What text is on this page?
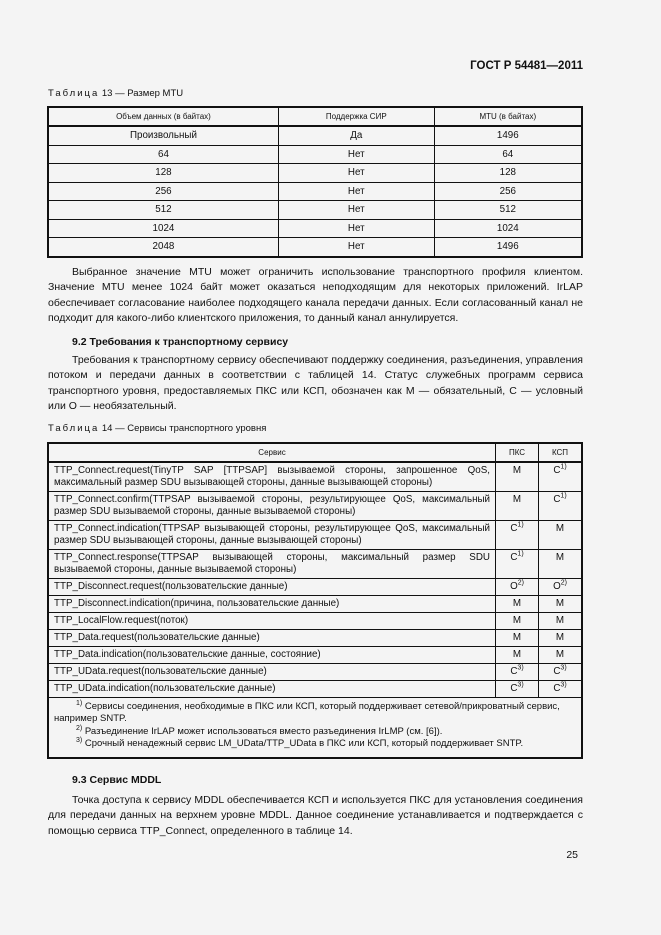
ГОСТ Р 54481—2011
Таблица 13 — Размер MTU
Объем данных (в байтах)	Поддержка СИР	MTU (в байтах)
Произвольный	Да	1496
64	Нет	64
128	Нет	128
256	Нет	256
512	Нет	512
1024	Нет	1024
2048	Нет	1496

Выбранное значение MTU может ограничить использование транспортного профиля клиентом. Значение MTU менее 1024 байт может оказаться неподходящим для некоторых приложений. IrLAP обеспечивает согласование наиболее подходящего канала передачи данных. Если согласованный канал не подходит для какого-либо клиентского приложения, то данный канал аннулируется.

9.2 Требования к транспортному сервису

Требования к транспортному сервису обеспечивают поддержку соединения, разъединения, управления потоком и передачи данных в соответствии с таблицей 14. Статус служебных программ сервиса транспортного уровня, предоставляемых ПКС или КСП, обозначен как М — обязательный, С — условный или О — необязательный.

Таблица 14 — Сервисы транспортного уровня
Сервис	ПКС	КСП
TTP_Connect.request(TinyTP SAP [TTPSAP] вызываемой стороны, запрошенное QoS, максимальный размер SDU вызывающей стороны, данные вызывающей стороны)	M	$C^{1)}$
TTP_Connect.confirm(TTPSAP вызываемой стороны, результирующее QoS, максимальный размер SDU вызываемой стороны, данные вызываемой стороны)	M	$C^{1)}$
TTP_Connect.indication(TTPSAP вызывающей стороны, результирующее QoS, максимальный размер SDU вызывающей стороны, данные вызывающей стороны)	$C^{1)}$	M
TTP_Connect.response(TTPSAP вызывающей стороны, максимальный размер SDU вызываемой стороны, данные вызываемой стороны)	$C^{1)}$	M
TTP_Disconnect.request(пользовательские данные)	$O^{2)}$	$O^{2)}$
TTP_Disconnect.indication(причина, пользовательские данные)	M	M
TTP_LocalFlow.request(поток)	M	M
TTP_Data.request(пользовательские данные)	M	M
TTP_Data.indication(пользовательские данные, состояние)	M	M
TTP_UData.request(пользовательские данные)	$C^{3)}$	$C^{3)}$
TTP_UData.indication(пользовательские данные)	$C^{3)}$	$C^{3)}$

$^{1)}$ Сервисы соединения, необходимые в ПКС или КСП, который поддерживает сетевой/прикроватный сервис, например SNTP.
$^{2)}$ Разъединение IrLAP может использоваться вместо разъединения IrLMP (см. [6]).
$^{3)}$ Срочный ненадежный сервис LM_UData/TTP_UData в ПКС или КСП, который поддерживает SNTP.		
9.3 Сервис MDDL

Точка доступа к сервису MDDL обеспечивается КСП и используется ПКС для установления соединения для передачи данных на верхнем уровне MDDL. Данное соединение устанавливается и подтверждается с помощью сервиса TTP_Connect, определенного в таблице 14.

25
